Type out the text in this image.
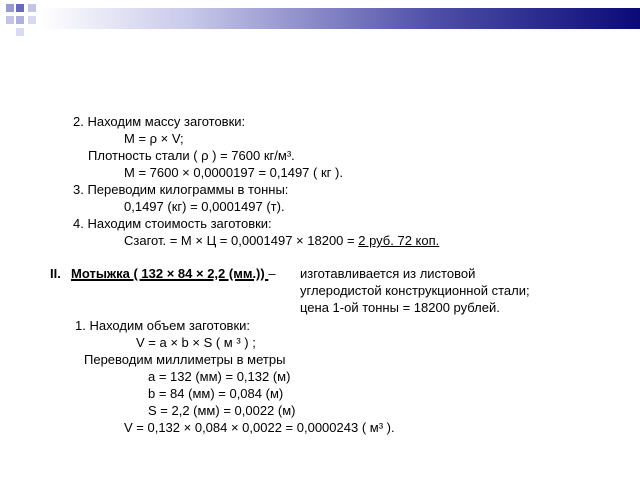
2. Находим массу заготовки:
М = ρ × V;
Плотность стали ( ρ ) = 7600 кг/м³.
М = 7600 × 0,0000197 = 0,1497 ( кг ).
3. Переводим килограммы в тонны:
0,1497 (кг) = 0,0001497 (т).
4. Находим стоимость заготовки:
Сзагот. = М × Ц = 0,0001497 × 18200 = 2 руб. 72 коп.
II. Мотыжка ( 132 × 84 × 2,2 (мм.)) – изготавливается из листовой
углеродистой конструкционной стали;
цена 1-ой тонны = 18200 рублей.
1. Находим объем заготовки:
V = a × b × S ( м ³ ) ;
Переводим миллиметры в метры
а = 132 (мм) = 0,132 (м)
b = 84 (мм) = 0,084 (м)
S = 2,2 (мм) = 0,0022 (м)
V = 0,132 × 0,084 × 0,0022 = 0,0000243 ( м³ ).
